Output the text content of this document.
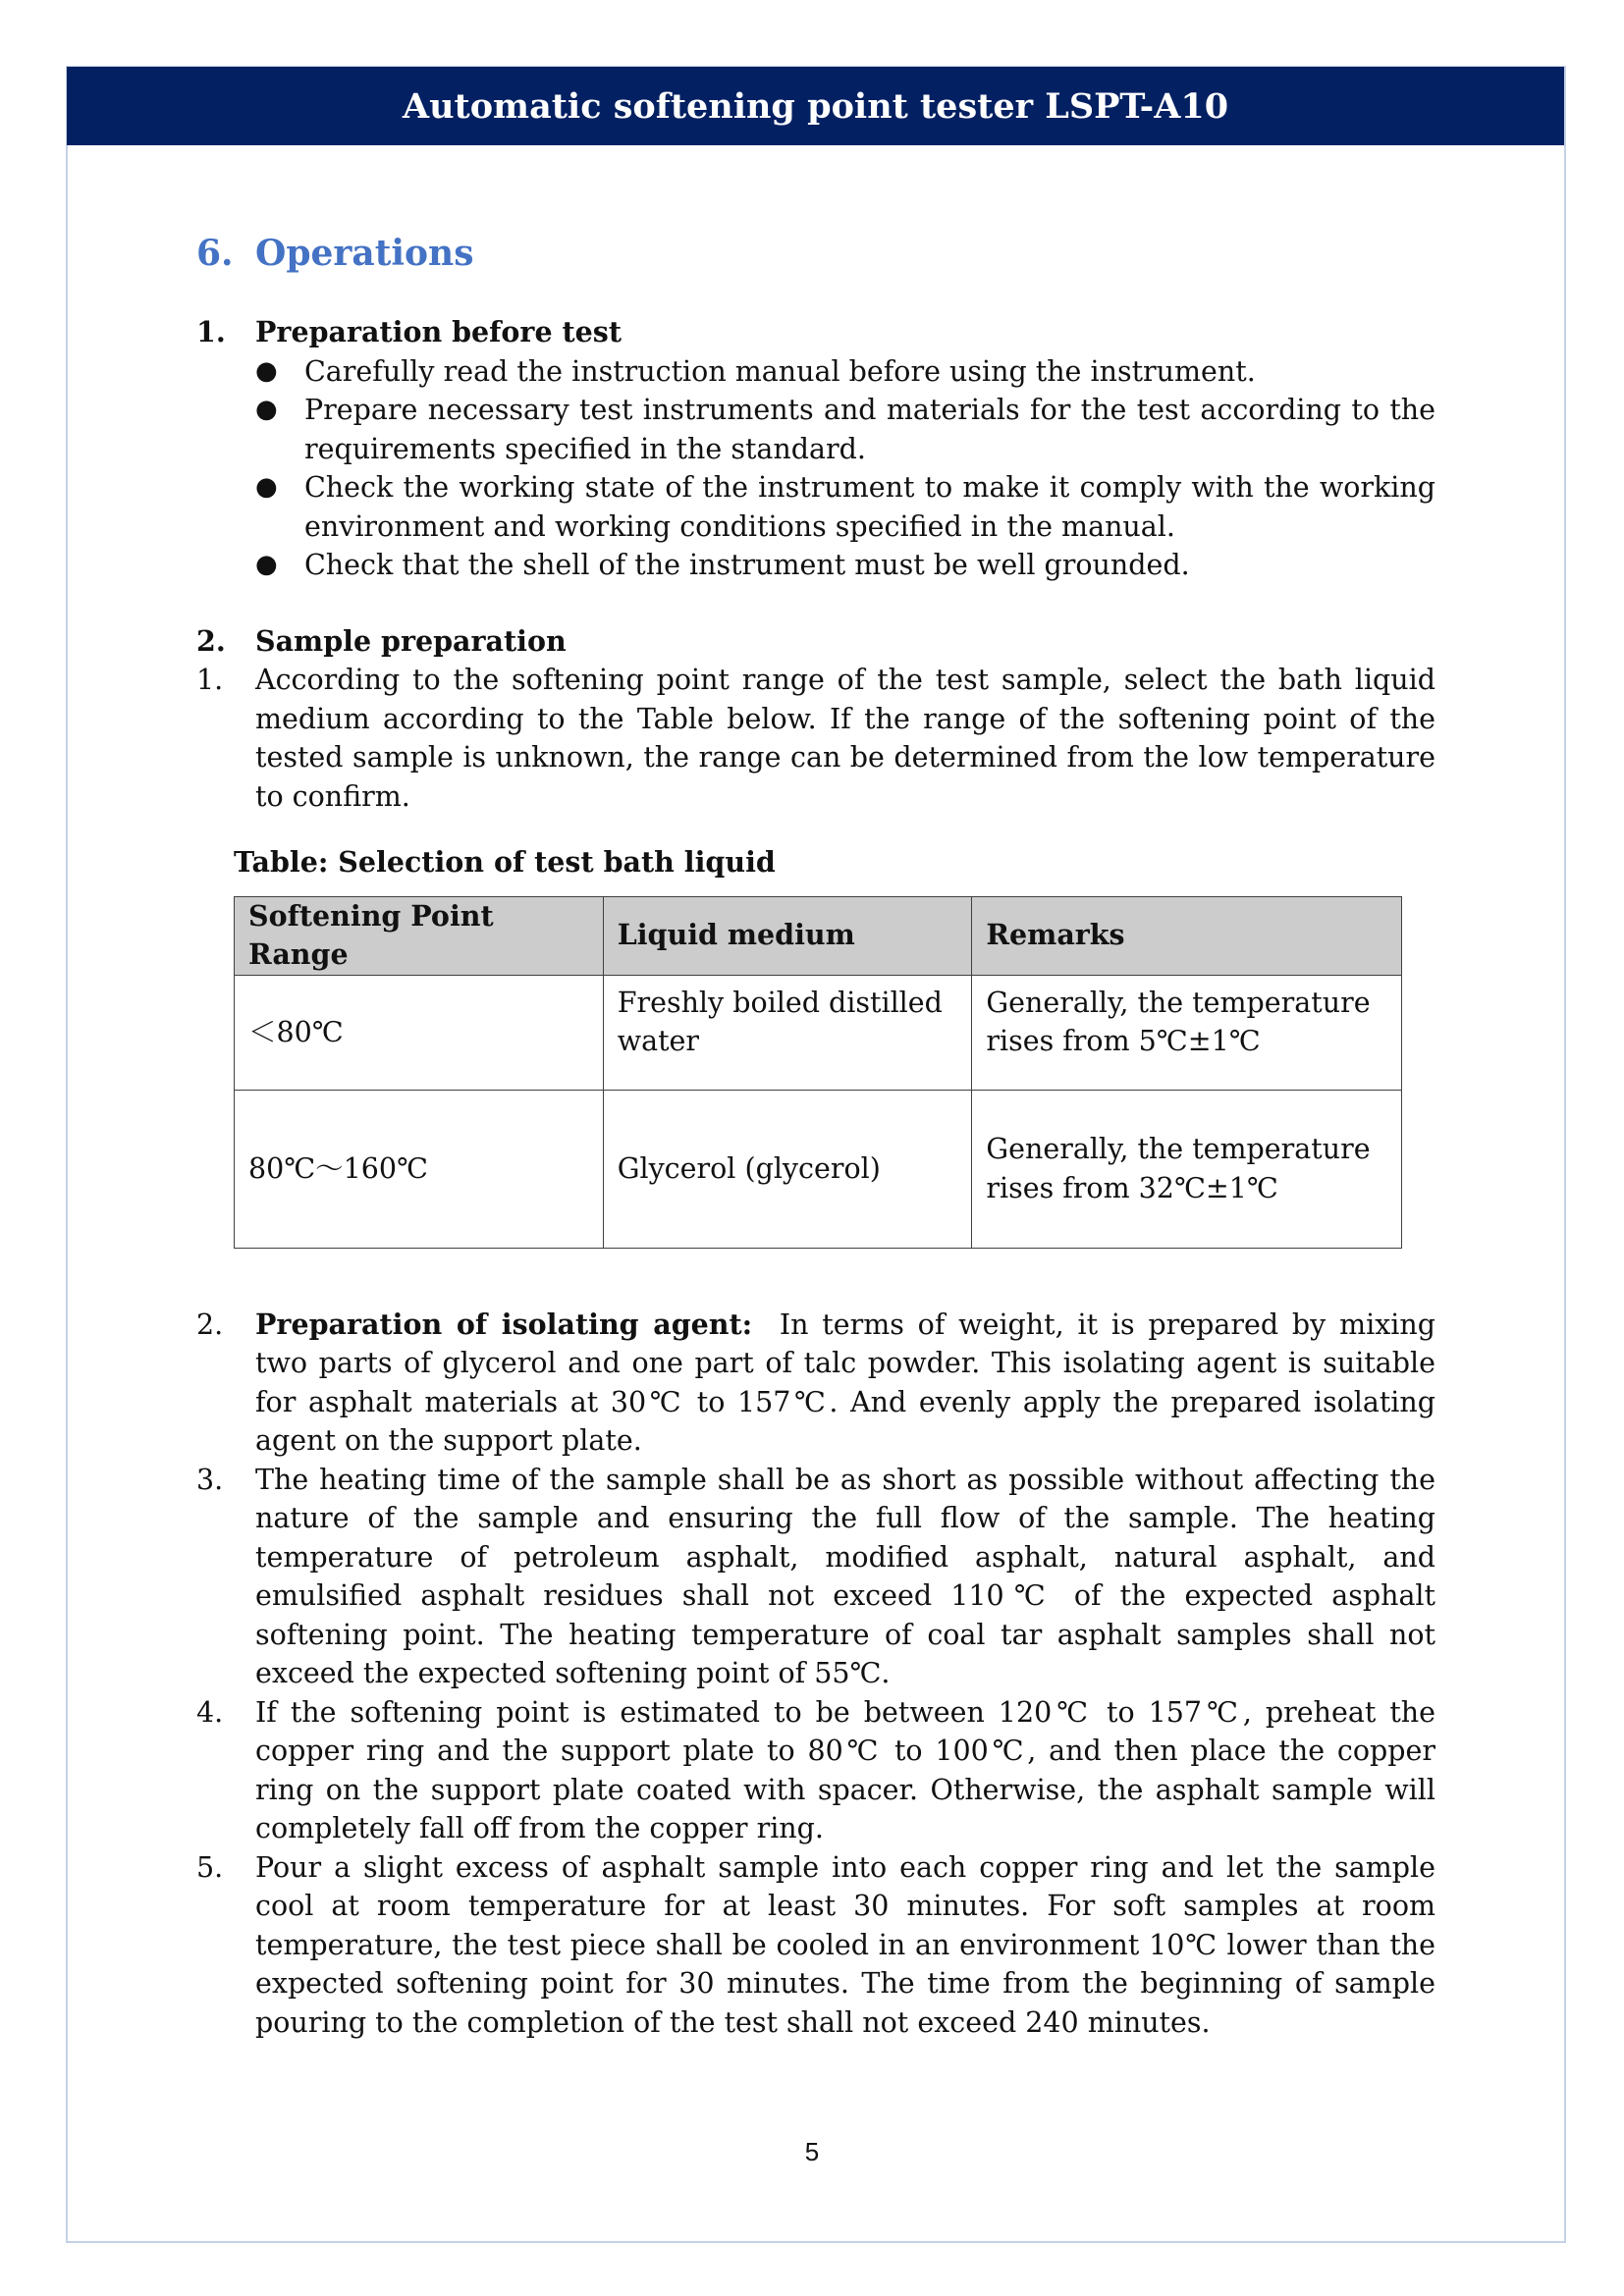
Automatic softening point tester LSPT-A10
6. Operations
1. Preparation before test
● Carefully read the instruction manual before using the instrument.
● Prepare necessary test instruments and materials for the test according to the requirements specified in the standard.
● Check the working state of the instrument to make it comply with the working environment and working conditions specified in the manual.
● Check that the shell of the instrument must be well grounded.
2. Sample preparation
1. According to the softening point range of the test sample, select the bath liquid medium according to the Table below. If the range of the softening point of the tested sample is unknown, the range can be determined from the low temperature to confirm.
Table: Selection of test bath liquid
Softening Point Range	Liquid medium	Remarks
＜80℃	Freshly boiled distilled water	Generally, the temperature rises from 5℃±1℃
80℃～160℃	Glycerol (glycerol)	Generally, the temperature rises from 32℃±1℃
2. Preparation of isolating agent: In terms of weight, it is prepared by mixing two parts of glycerol and one part of talc powder. This isolating agent is suitable for asphalt materials at 30℃ to 157℃. And evenly apply the prepared isolating agent on the support plate.
3. The heating time of the sample shall be as short as possible without affecting the nature of the sample and ensuring the full flow of the sample. The heating temperature of petroleum asphalt, modified asphalt, natural asphalt, and emulsified asphalt residues shall not exceed 110℃ of the expected asphalt softening point. The heating temperature of coal tar asphalt samples shall not exceed the expected softening point of 55℃.
4. If the softening point is estimated to be between 120℃ to 157℃, preheat the copper ring and the support plate to 80℃ to 100℃, and then place the copper ring on the support plate coated with spacer. Otherwise, the asphalt sample will completely fall off from the copper ring.
5. Pour a slight excess of asphalt sample into each copper ring and let the sample cool at room temperature for at least 30 minutes. For soft samples at room temperature, the test piece shall be cooled in an environment 10℃ lower than the expected softening point for 30 minutes. The time from the beginning of sample pouring to the completion of the test shall not exceed 240 minutes.
5
